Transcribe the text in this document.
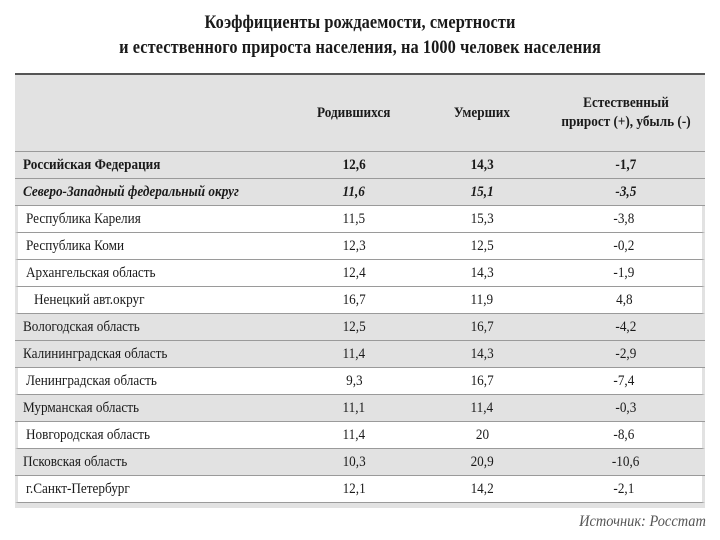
Коэффициенты рождаемости, смертности
и естественного прироста населения, на 1000 человек населения
	Родившихся	Умерших	Естественный прирост (+), убыль (-)
Российская Федерация	12,6	14,3	-1,7
Северо-Западный федеральный округ	11,6	15,1	-3,5
Республика Карелия	11,5	15,3	-3,8
Республика Коми	12,3	12,5	-0,2
Архангельская область	12,4	14,3	-1,9
Ненецкий авт.округ	16,7	11,9	4,8
Вологодская область	12,5	16,7	-4,2
Калининградская область	11,4	14,3	-2,9
Ленинградская область	9,3	16,7	-7,4
Мурманская область	11,1	11,4	-0,3
Новгородская область	11,4	20	-8,6
Псковская область	10,3	20,9	-10,6
г.Санкт-Петербург	12,1	14,2	-2,1
Источник: Росстат
